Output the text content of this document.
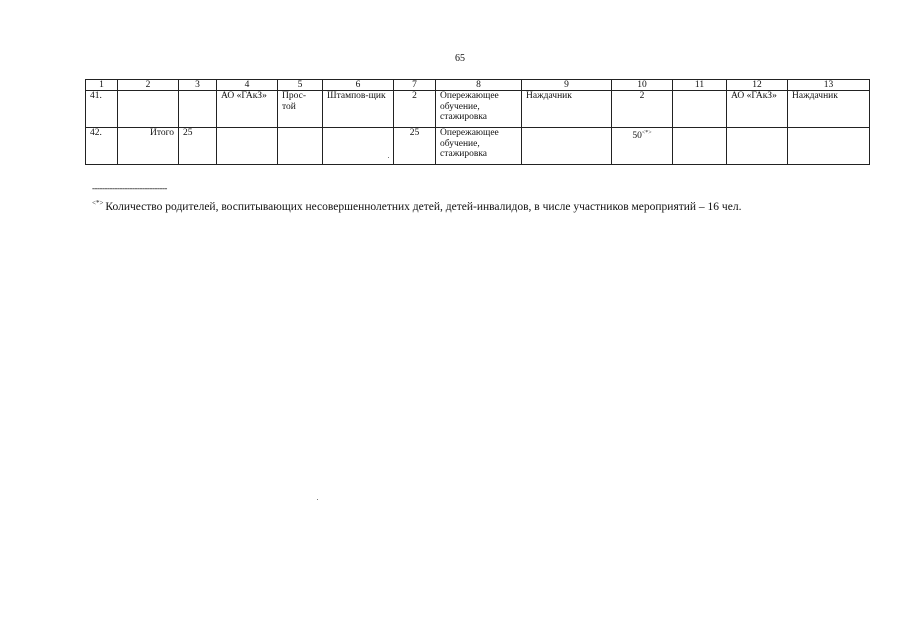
65
1	2	3	4	5	6	7	8	9	10	11	12	13
41.			АО «ГАкЗ»	Прос-той	Штампов-щик	2	Опережающее обучение, стажировка	Наждачник	2		АО «ГАкЗ»	Наждачник
42.	Итого	25				25	Опережающее обучение, стажировка		50<*>			
------------------------------
<*> Количество родителей, воспитывающих несовершеннолетних детей, детей-инвалидов, в числе участников мероприятий – 16 чел.
